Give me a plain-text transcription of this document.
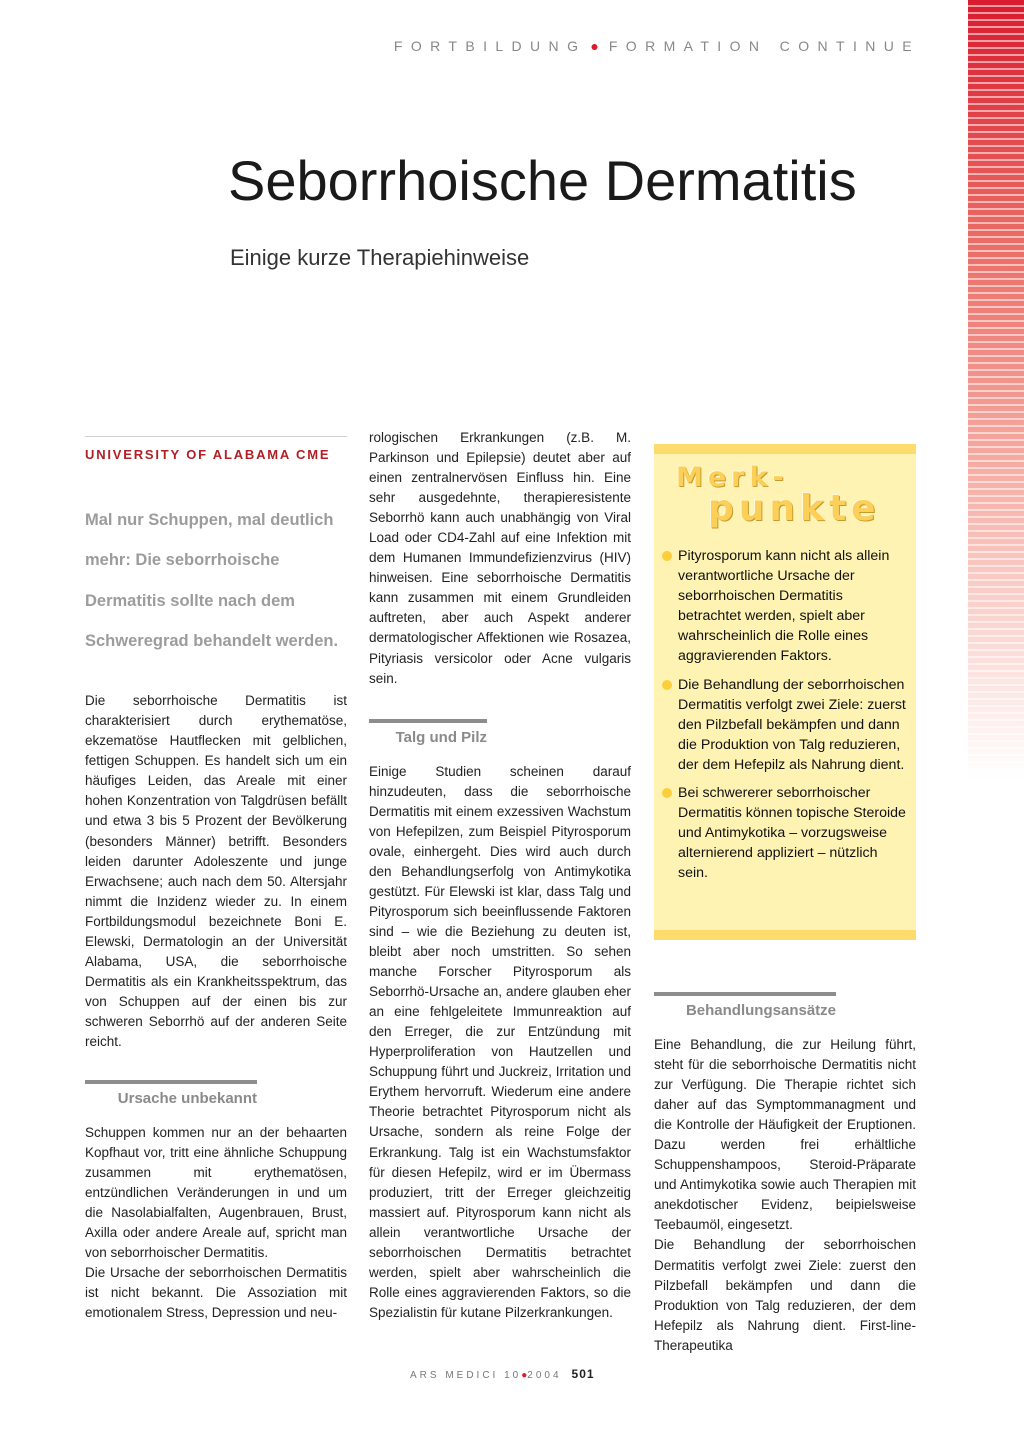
FORTBILDUNG ● FORMATION CONTINUE
Seborrhoische Dermatitis
Einige kurze Therapiehinweise
UNIVERSITY OF ALABAMA CME
Mal nur Schuppen, mal deutlich mehr: Die seborrhoische Dermatitis sollte nach dem Schweregrad behandelt werden.

Die seborrhoische Dermatitis ist charakterisiert durch erythematöse, ekzematöse Hautflecken mit gelblichen, fettigen Schuppen. Es handelt sich um ein häufiges Leiden, das Areale mit einer hohen Konzentration von Talgdrüsen befällt und etwa 3 bis 5 Prozent der Bevölkerung (besonders Männer) betrifft. Besonders leiden darunter Adoleszente und junge Erwachsene; auch nach dem 50. Altersjahr nimmt die Inzidenz wieder zu. In einem Fortbildungsmodul bezeichnete Boni E. Elewski, Dermatologin an der Universität Alabama, USA, die seborrhoische Dermatitis als ein Krankheitsspektrum, das von Schuppen auf der einen bis zur schweren Seborrhö auf der anderen Seite reicht.

Ursache unbekannt

Schuppen kommen nur an der behaarten Kopfhaut vor, tritt eine ähnliche Schuppung zusammen mit erythematösen, entzündlichen Veränderungen in und um die Nasolabialfalten, Augenbrauen, Brust, Axilla oder andere Areale auf, spricht man von seborrhoischer Dermatitis.

Die Ursache der seborrhoischen Dermatitis ist nicht bekannt. Die Assoziation mit emotionalem Stress, Depression und neu-

rologischen Erkrankungen (z.B. M. Parkinson und Epilepsie) deutet aber auf einen zentralnervösen Einfluss hin. Eine sehr ausgedehnte, therapieresistente Seborrhö kann auch unabhängig von Viral Load oder CD4-Zahl auf eine Infektion mit dem Humanen Immundefizienzvirus (HIV) hinweisen. Eine seborrhoische Dermatitis kann zusammen mit einem Grundleiden auftreten, aber auch Aspekt anderer dermatologischer Affektionen wie Rosazea, Pityriasis versicolor oder Acne vulgaris sein.

Talg und Pilz

Einige Studien scheinen darauf hinzudeuten, dass die seborrhoische Dermatitis mit einem exzessiven Wachstum von Hefepilzen, zum Beispiel Pityrosporum ovale, einhergeht. Dies wird auch durch den Behandlungserfolg von Antimykotika gestützt. Für Elewski ist klar, dass Talg und Pityrosporum sich beeinflussende Faktoren sind – wie die Beziehung zu deuten ist, bleibt aber noch umstritten. So sehen manche Forscher Pityrosporum als Seborrhö-Ursache an, andere glauben eher an eine fehlgeleitete Immunreaktion auf den Erreger, die zur Entzündung mit Hyperproliferation von Hautzellen und Schuppung führt und Juckreiz, Irritation und Erythem hervorruft. Wiederum eine andere Theorie betrachtet Pityrosporum nicht als Ursache, sondern als reine Folge der Erkrankung. Talg ist ein Wachstumsfaktor für diesen Hefepilz, wird er im Übermass produziert, tritt der Erreger gleichzeitig massiert auf. Pityrosporum kann nicht als allein verantwortliche Ursache der seborrhoischen Dermatitis betrachtet werden, spielt aber wahrscheinlich die Rolle eines aggravierenden Faktors, so die Spezialistin für kutane Pilzerkrankungen.

Merk-
punkte
Pityrosporum kann nicht als allein verantwortliche Ursache der seborrhoischen Dermatitis betrachtet werden, spielt aber wahrscheinlich die Rolle eines aggravierenden Faktors.
Die Behandlung der seborrhoischen Dermatitis verfolgt zwei Ziele: zuerst den Pilzbefall bekämpfen und dann die Produktion von Talg reduzieren, der dem Hefepilz als Nahrung dient.
Bei schwererer seborrhoischer Dermatitis können topische Steroide und Antimykotika – vorzugsweise alternierend appliziert – nützlich sein.
Behandlungsansätze

Eine Behandlung, die zur Heilung führt, steht für die seborrhoische Dermatitis nicht zur Verfügung. Die Therapie richtet sich daher auf das Symptommanagment und die Kontrolle der Häufigkeit der Eruptionen. Dazu werden frei erhältliche Schuppenshampoos, Steroid-Präparate und Antimykotika sowie auch Therapien mit anekdotischer Evidenz, beipielsweise Teebaumöl, eingesetzt.

Die Behandlung der seborrhoischen Dermatitis verfolgt zwei Ziele: zuerst den Pilzbefall bekämpfen und dann die Produktion von Talg reduzieren, der dem Hefepilz als Nahrung dient. First-line-Therapeutika

ARS MEDICI 10●2004 501
